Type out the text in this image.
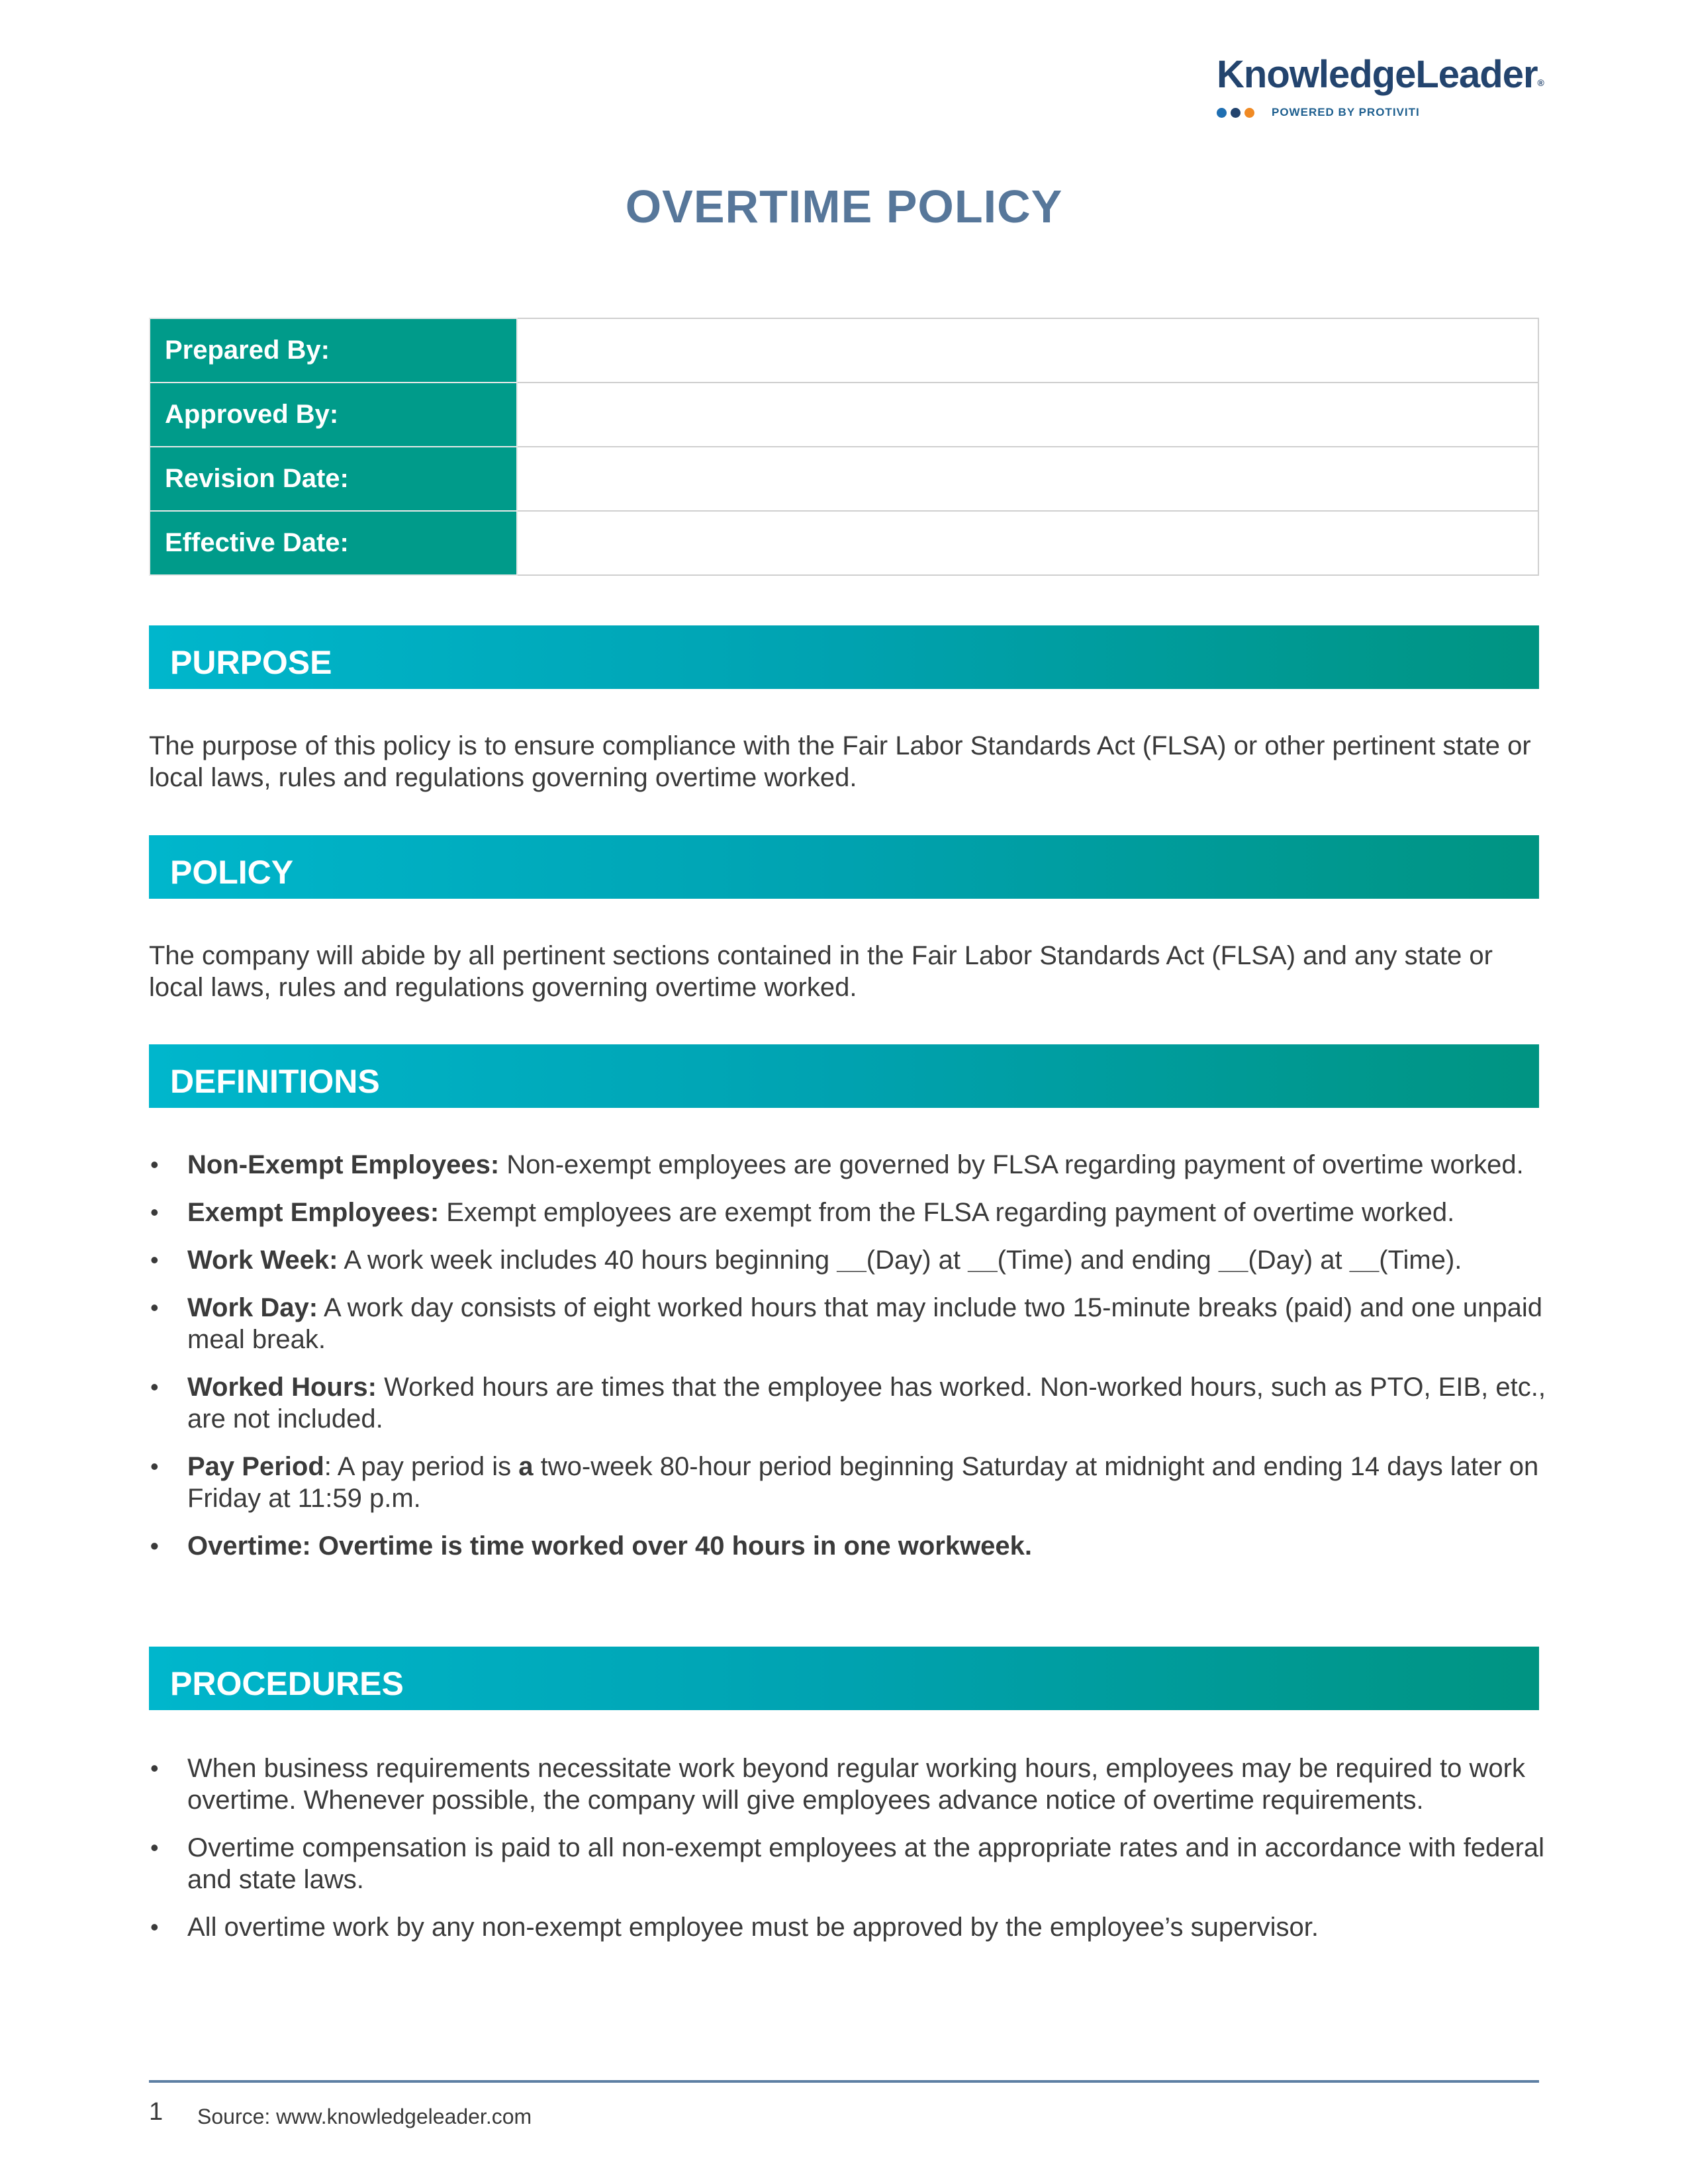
KnowledgeLeader®
POWERED BY PROTIVITI
OVERTIME POLICY
Prepared By:	
Approved By:	
Revision Date:	
Effective Date:	
PURPOSE
The purpose of this policy is to ensure compliance with the Fair Labor Standards Act (FLSA) or other pertinent state or local laws, rules and regulations governing overtime worked.
POLICY
The company will abide by all pertinent sections contained in the Fair Labor Standards Act (FLSA) and any state or local laws, rules and regulations governing overtime worked.
DEFINITIONS
• Non-Exempt Employees: Non-exempt employees are governed by FLSA regarding payment of overtime worked.
• Exempt Employees: Exempt employees are exempt from the FLSA regarding payment of overtime worked.
• Work Week: A work week includes 40 hours beginning __(Day) at __(Time) and ending __(Day) at __(Time).
• Work Day: A work day consists of eight worked hours that may include two 15-minute breaks (paid) and one unpaid meal break.
• Worked Hours: Worked hours are times that the employee has worked. Non-worked hours, such as PTO, EIB, etc., are not included.
• Pay Period: A pay period is a two-week 80-hour period beginning Saturday at midnight and ending 14 days later on Friday at 11:59 p.m.
• Overtime: Overtime is time worked over 40 hours in one workweek.
PROCEDURES
• When business requirements necessitate work beyond regular working hours, employees may be required to work overtime. Whenever possible, the company will give employees advance notice of overtime requirements.
• Overtime compensation is paid to all non-exempt employees at the appropriate rates and in accordance with federal and state laws.
• All overtime work by any non-exempt employee must be approved by the employee’s supervisor.
1 Source: www.knowledgeleader.com
